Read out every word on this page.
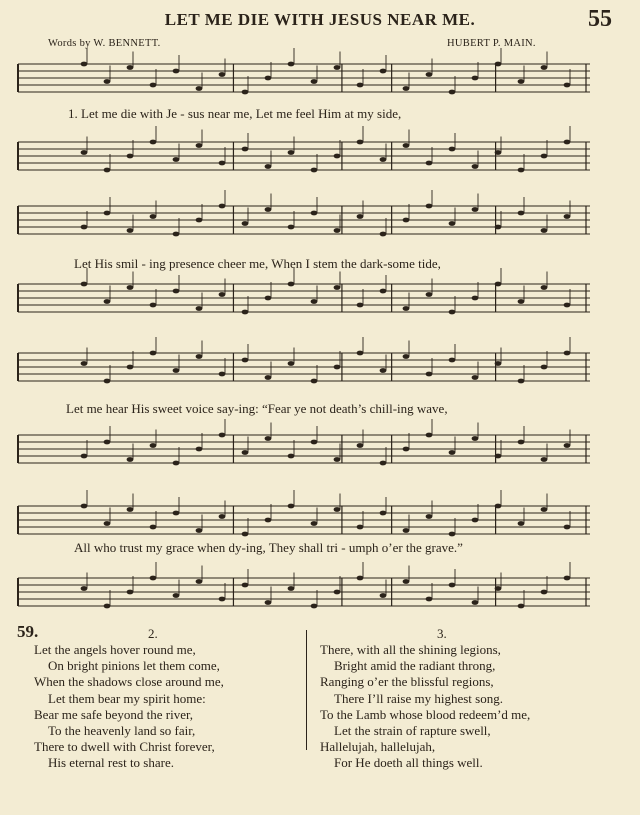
LET ME DIE WITH JESUS NEAR ME.	55
Words by W. BENNETT.	HUBERT P. MAIN.
1. Let me die with Je - sus near me, Let me feel Him at my side,
Let His smil - ing presence cheer me, When I stem the dark-some tide,
Let me hear His sweet voice say-ing: “Fear ye not death’s chill-ing wave,
All who trust my grace when dy-ing, They shall tri - umph o’er the grave.”
59.	2.	3.
Let the angels hover round me,
On bright pinions let them come,
When the shadows close around me,
Let them bear my spirit home:
Bear me safe beyond the river,
To the heavenly land so fair,
There to dwell with Christ forever,
His eternal rest to share.
There, with all the shining legions,
Bright amid the radiant throng,
Ranging o’er the blissful regions,
There I’ll raise my highest song.
To the Lamb whose blood redeem’d me,
Let the strain of rapture swell,
Hallelujah, hallelujah,
For He doeth all things well.
